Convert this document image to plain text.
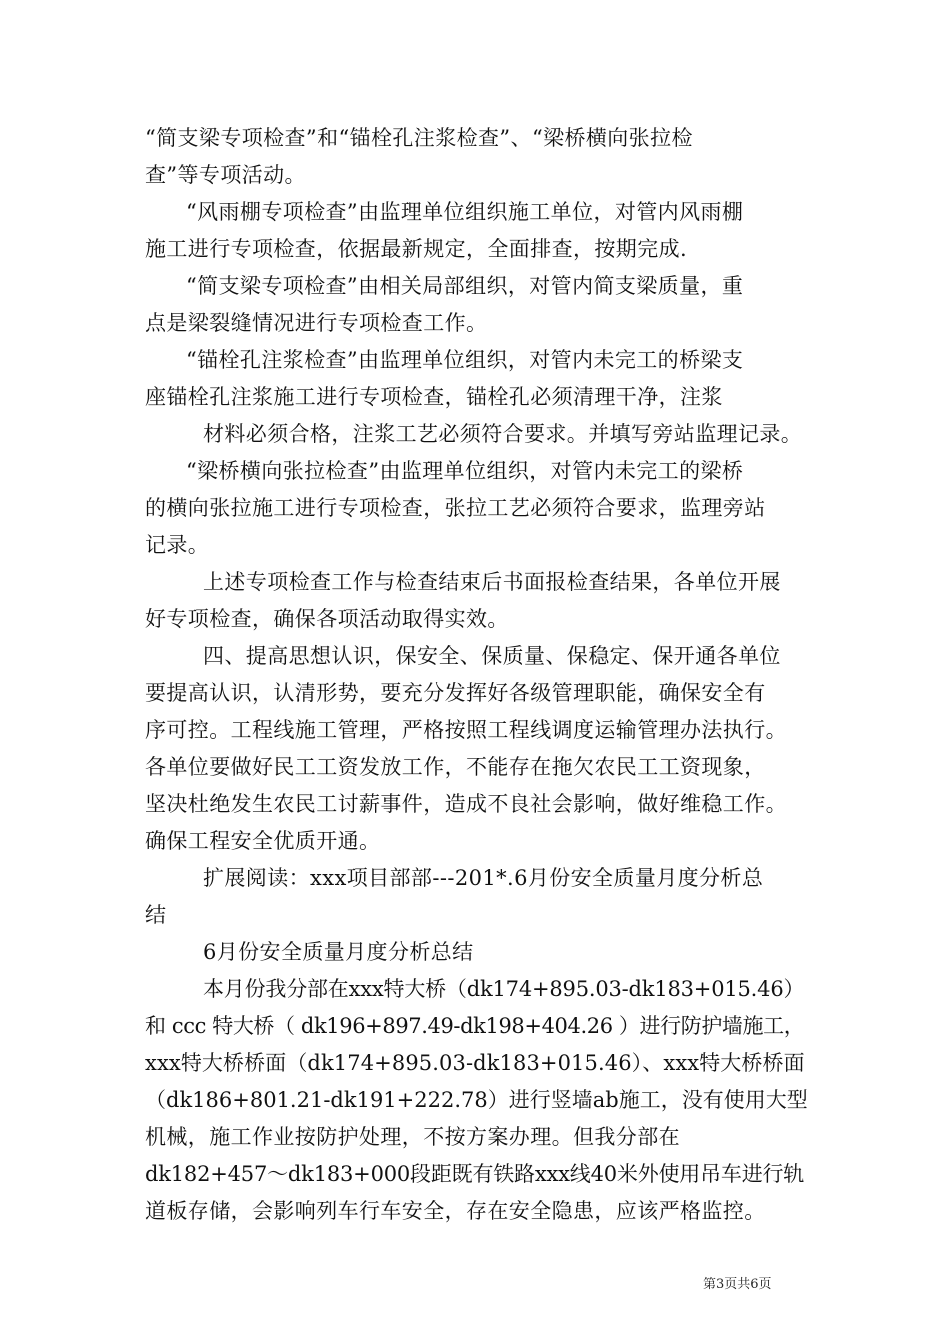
“简支梁专项检查”和“锚栓孔注浆检查”、“梁桥横向张拉检
查”等专项活动。
“风雨棚专项检查”由监理单位组织施工单位，对管内风雨棚
施工进行专项检查，依据最新规定，全面排查，按期完成.
“简支梁专项检查”由相关局部组织，对管内简支梁质量，重
点是梁裂缝情况进行专项检查工作。
“锚栓孔注浆检查”由监理单位组织，对管内未完工的桥梁支
座锚栓孔注浆施工进行专项检查，锚栓孔必须清理干净，注浆
材料必须合格，注浆工艺必须符合要求。并填写旁站监理记录。
“梁桥横向张拉检查”由监理单位组织，对管内未完工的梁桥
的横向张拉施工进行专项检查，张拉工艺必须符合要求，监理旁站
记录。
上述专项检查工作与检查结束后书面报检查结果，各单位开展
好专项检查，确保各项活动取得实效。
四、提高思想认识，保安全、保质量、保稳定、保开通各单位
要提高认识，认清形势，要充分发挥好各级管理职能，确保安全有
序可控。工程线施工管理，严格按照工程线调度运输管理办法执行。
各单位要做好民工工资发放工作，不能存在拖欠农民工工资现象，
坚决杜绝发生农民工讨薪事件，造成不良社会影响，做好维稳工作。
确保工程安全优质开通。
扩展阅读：xxx项目部部---201*.6月份安全质量月度分析总
结
6月份安全质量月度分析总结
本月份我分部在xxx特大桥（dk174+895.03-dk183+015.46）
和 ccc 特大桥（ dk196+897.49-dk198+404.26 ）进行防护墙施工，
xxx特大桥桥面（dk174+895.03-dk183+015.46）、xxx特大桥桥面
（dk186+801.21-dk191+222.78）进行竖墙ab施工，没有使用大型
机械，施工作业按防护处理，不按方案办理。但我分部在
dk182+457～dk183+000段距既有铁路xxx线40米外使用吊车进行轨
道板存储，会影响列车行车安全，存在安全隐患，应该严格监控。
第3页共6页
